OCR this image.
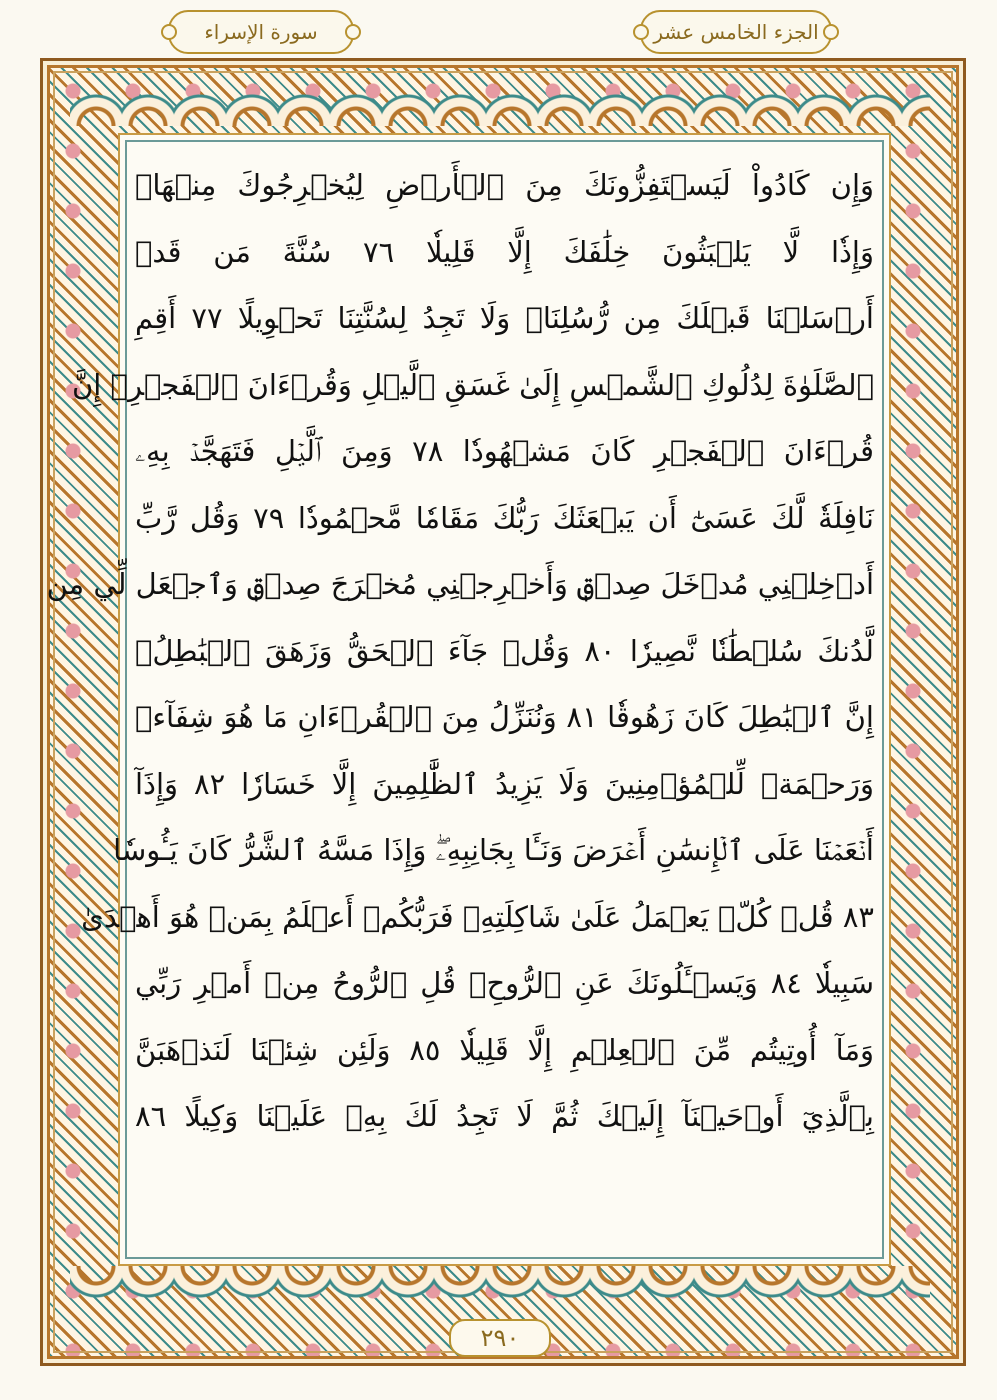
سورة الإسراء	الجزء الخامس عشر
وَإِن كَادُواْ لَيَسۡتَفِزُّونَكَ مِنَ ٱلۡأَرۡضِ لِيُخۡرِجُوكَ مِنۡهَاۖ
وَإِذٗا لَّا يَلۡبَثُونَ خِلَٰفَكَ إِلَّا قَلِيلٗا ٧٦ سُنَّةَ مَن قَدۡ
أَرۡسَلۡنَا قَبۡلَكَ مِن رُّسُلِنَاۖ وَلَا تَجِدُ لِسُنَّتِنَا تَحۡوِيلًا ٧٧ أَقِمِ
ٱلصَّلَوٰةَ لِدُلُوكِ ٱلشَّمۡسِ إِلَىٰ غَسَقِ ٱلَّيۡلِ وَقُرۡءَانَ ٱلۡفَجۡرِۖ إِنَّ
قُرۡءَانَ ٱلۡفَجۡرِ كَانَ مَشۡهُودٗا ٧٨ وَمِنَ ٱلَّيۡلِ فَتَهَجَّدۡ بِهِۦ
نَافِلَةٗ لَّكَ عَسَىٰٓ أَن يَبۡعَثَكَ رَبُّكَ مَقَامٗا مَّحۡمُودٗا ٧٩ وَقُل رَّبِّ
أَدۡخِلۡنِي مُدۡخَلَ صِدۡقٖ وَأَخۡرِجۡنِي مُخۡرَجَ صِدۡقٖ وَٱجۡعَل لِّي مِن
لَّدُنكَ سُلۡطَٰنٗا نَّصِيرٗا ٨٠ وَقُلۡ جَآءَ ٱلۡحَقُّ وَزَهَقَ ٱلۡبَٰطِلُۚ
إِنَّ ٱلۡبَٰطِلَ كَانَ زَهُوقٗا ٨١ وَنُنَزِّلُ مِنَ ٱلۡقُرۡءَانِ مَا هُوَ شِفَآءٞ
وَرَحۡمَةٞ لِّلۡمُؤۡمِنِينَ وَلَا يَزِيدُ ٱلظَّٰلِمِينَ إِلَّا خَسَارٗا ٨٢ وَإِذَآ
أَنۡعَمۡنَا عَلَى ٱلۡإِنسَٰنِ أَعۡرَضَ وَنَـَٔا بِجَانِبِهِۦۖ وَإِذَا مَسَّهُ ٱلشَّرُّ كَانَ يَـُٔوسٗا
٨٣ قُلۡ كُلّٞ يَعۡمَلُ عَلَىٰ شَاكِلَتِهِۦ فَرَبُّكُمۡ أَعۡلَمُ بِمَنۡ هُوَ أَهۡدَىٰ
سَبِيلٗا ٨٤ وَيَسۡـَٔلُونَكَ عَنِ ٱلرُّوحِۖ قُلِ ٱلرُّوحُ مِنۡ أَمۡرِ رَبِّي
وَمَآ أُوتِيتُم مِّنَ ٱلۡعِلۡمِ إِلَّا قَلِيلٗا ٨٥ وَلَئِن شِئۡنَا لَنَذۡهَبَنَّ
بِٱلَّذِيٓ أَوۡحَيۡنَآ إِلَيۡكَ ثُمَّ لَا تَجِدُ لَكَ بِهِۦ عَلَيۡنَا وَكِيلًا ٨٦
٢٩٠
